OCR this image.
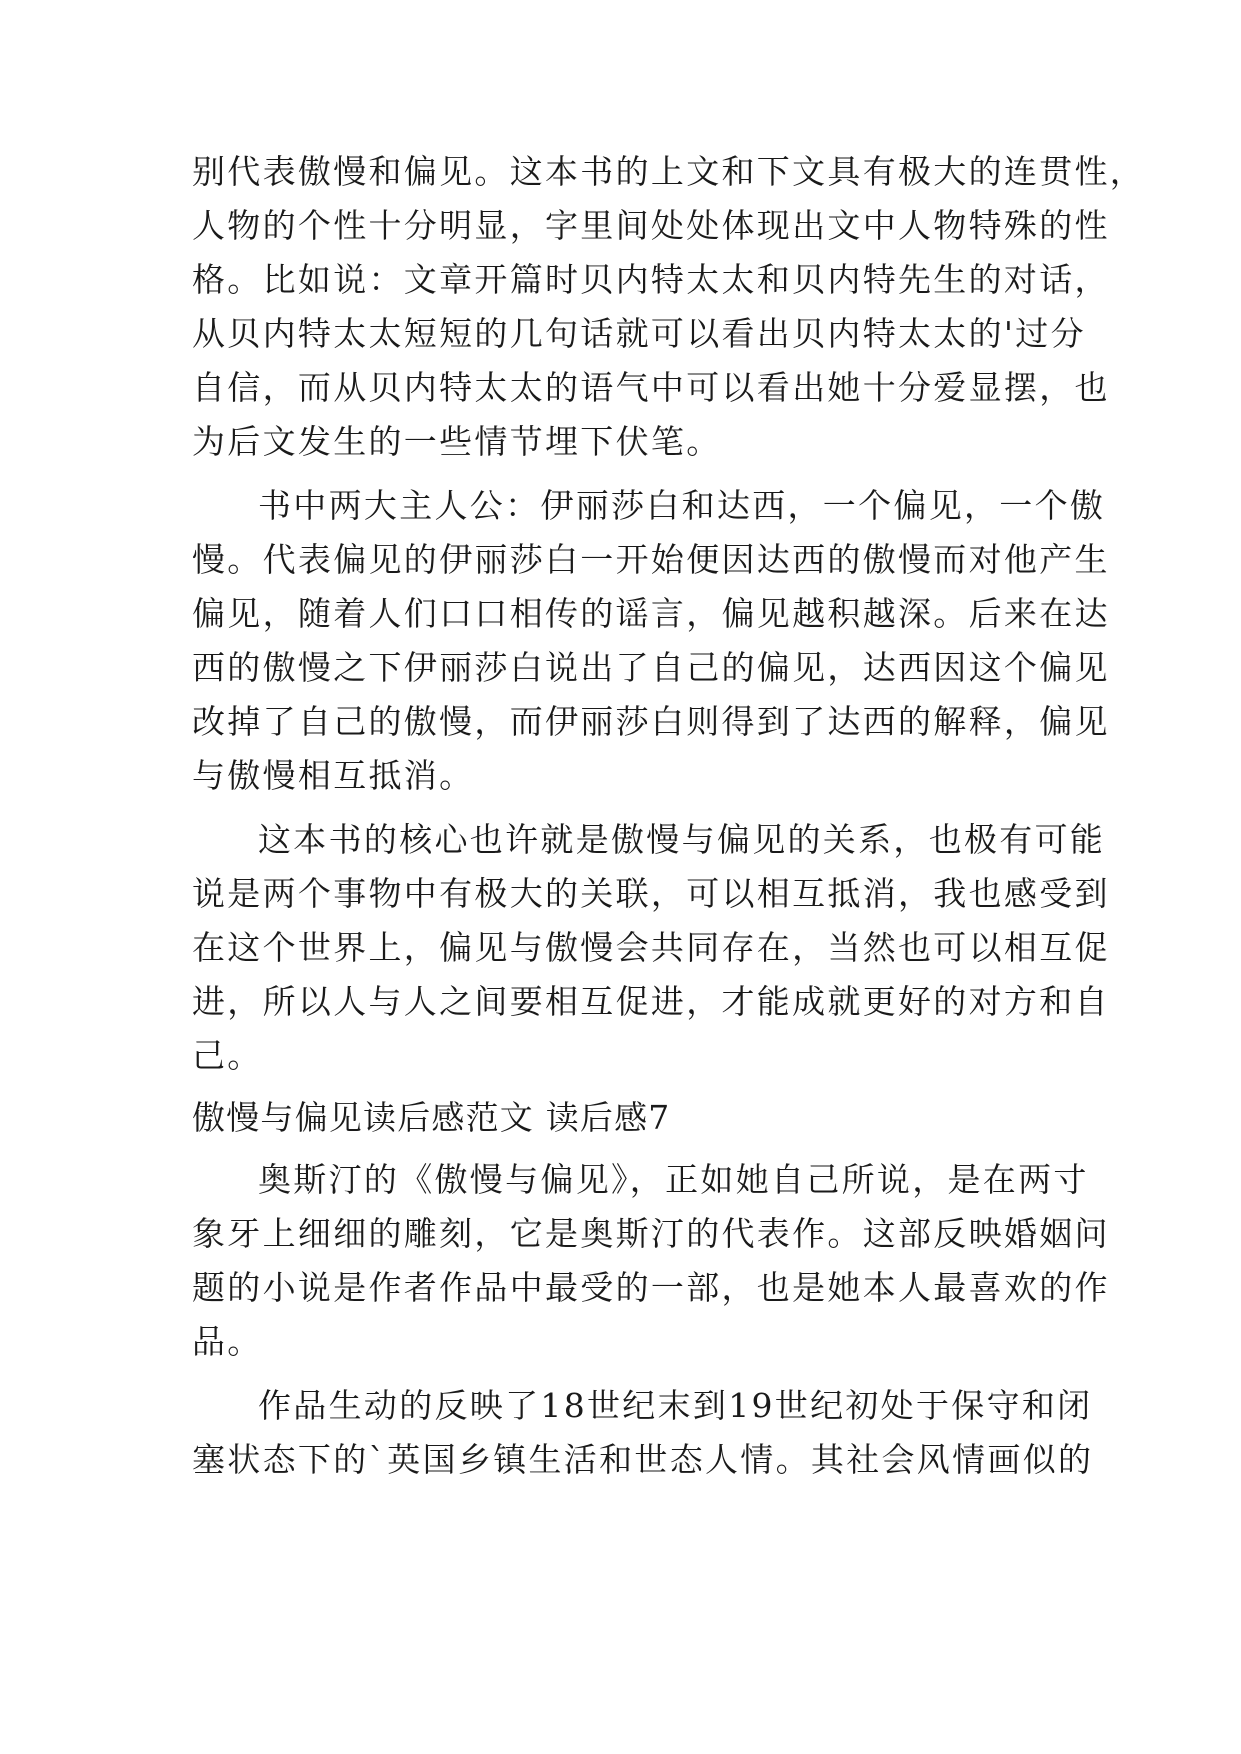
别代表傲慢和偏见。这本书的上文和下文具有极大的连贯性，
人物的个性十分明显，字里间处处体现出文中人物特殊的性
格。比如说：文章开篇时贝内特太太和贝内特先生的对话，
从贝内特太太短短的几句话就可以看出贝内特太太的'过分
自信，而从贝内特太太的语气中可以看出她十分爱显摆，也
为后文发生的一些情节埋下伏笔。
书中两大主人公：伊丽莎白和达西，一个偏见，一个傲
慢。代表偏见的伊丽莎白一开始便因达西的傲慢而对他产生
偏见，随着人们口口相传的谣言，偏见越积越深。后来在达
西的傲慢之下伊丽莎白说出了自己的偏见，达西因这个偏见
改掉了自己的傲慢，而伊丽莎白则得到了达西的解释，偏见
与傲慢相互抵消。
这本书的核心也许就是傲慢与偏见的关系，也极有可能
说是两个事物中有极大的关联，可以相互抵消，我也感受到
在这个世界上，偏见与傲慢会共同存在，当然也可以相互促
进，所以人与人之间要相互促进，才能成就更好的对方和自
己。
傲慢与偏见读后感范文 读后感7
奥斯汀的《傲慢与偏见》，正如她自己所说，是在两寸
象牙上细细的雕刻，它是奥斯汀的代表作。这部反映婚姻问
题的小说是作者作品中最受的一部，也是她本人最喜欢的作
品。
作品生动的反映了18世纪末到19世纪初处于保守和闭
塞状态下的`英国乡镇生活和世态人情。其社会风情画似的
